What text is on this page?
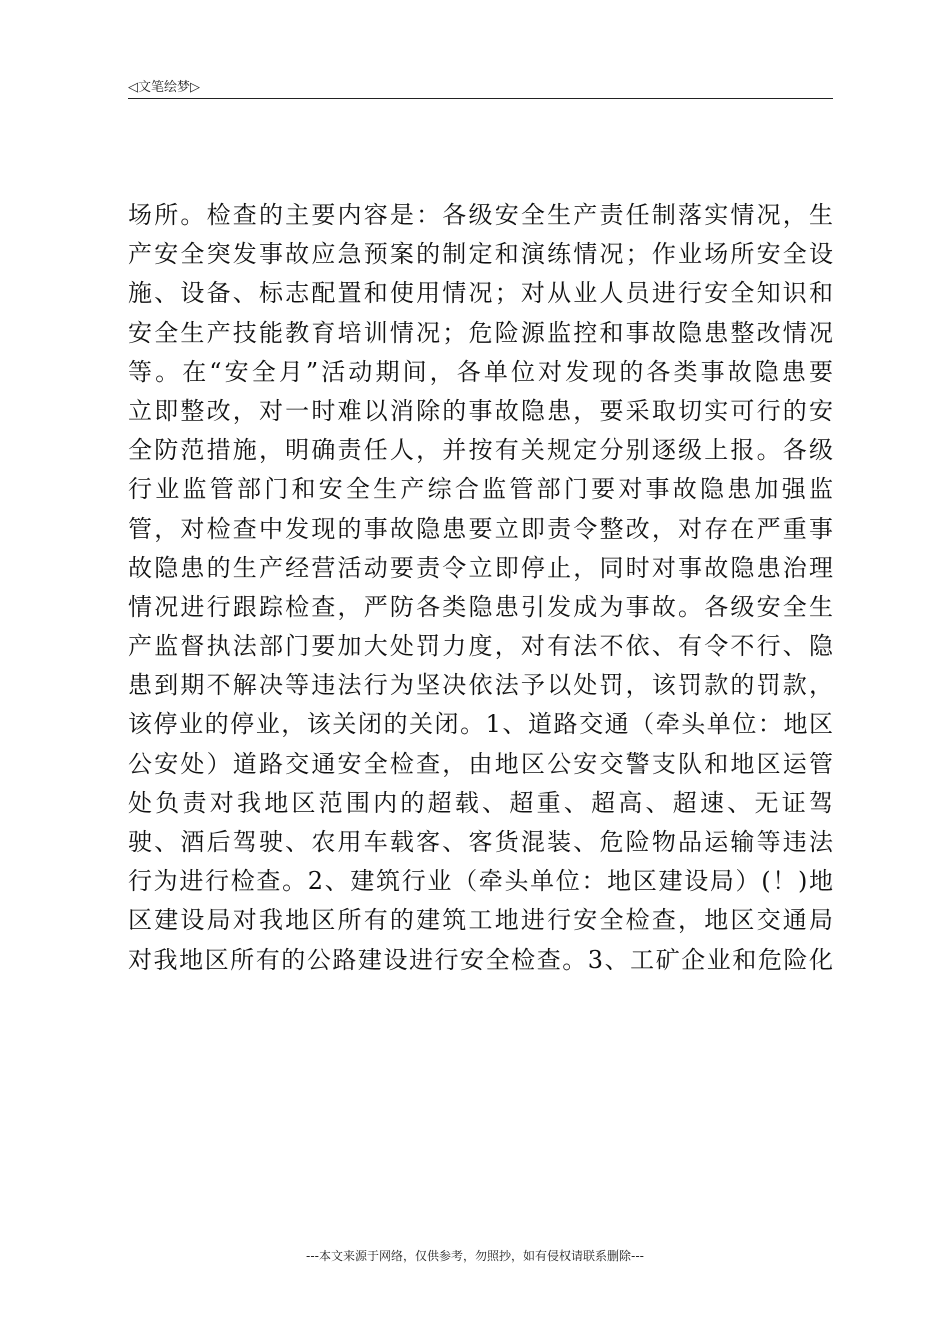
◁文笔绘梦▷
场所。检查的主要内容是：各级安全生产责任制落实情况，生
产安全突发事故应急预案的制定和演练情况；作业场所安全设
施、设备、标志配置和使用情况；对从业人员进行安全知识和
安全生产技能教育培训情况；危险源监控和事故隐患整改情况
等。在“安全月”活动期间，各单位对发现的各类事故隐患要
立即整改，对一时难以消除的事故隐患，要采取切实可行的安
全防范措施，明确责任人，并按有关规定分别逐级上报。各级
行业监管部门和安全生产综合监管部门要对事故隐患加强监
管，对检查中发现的事故隐患要立即责令整改，对存在严重事
故隐患的生产经营活动要责令立即停止，同时对事故隐患治理
情况进行跟踪检查，严防各类隐患引发成为事故。各级安全生
产监督执法部门要加大处罚力度，对有法不依、有令不行、隐
患到期不解决等违法行为坚决依法予以处罚，该罚款的罚款，
该停业的停业，该关闭的关闭。1、道路交通（牵头单位：地区
公安处）道路交通安全检查，由地区公安交警支队和地区运管
处负责对我地区范围内的超载、超重、超高、超速、无证驾
驶、酒后驾驶、农用车载客、客货混装、危险物品运输等违法
行为进行检查。2、建筑行业（牵头单位：地区建设局）(！)地
区建设局对我地区所有的建筑工地进行安全检查，地区交通局
对我地区所有的公路建设进行安全检查。3、工矿企业和危险化
---本文来源于网络，仅供参考，勿照抄，如有侵权请联系删除---
